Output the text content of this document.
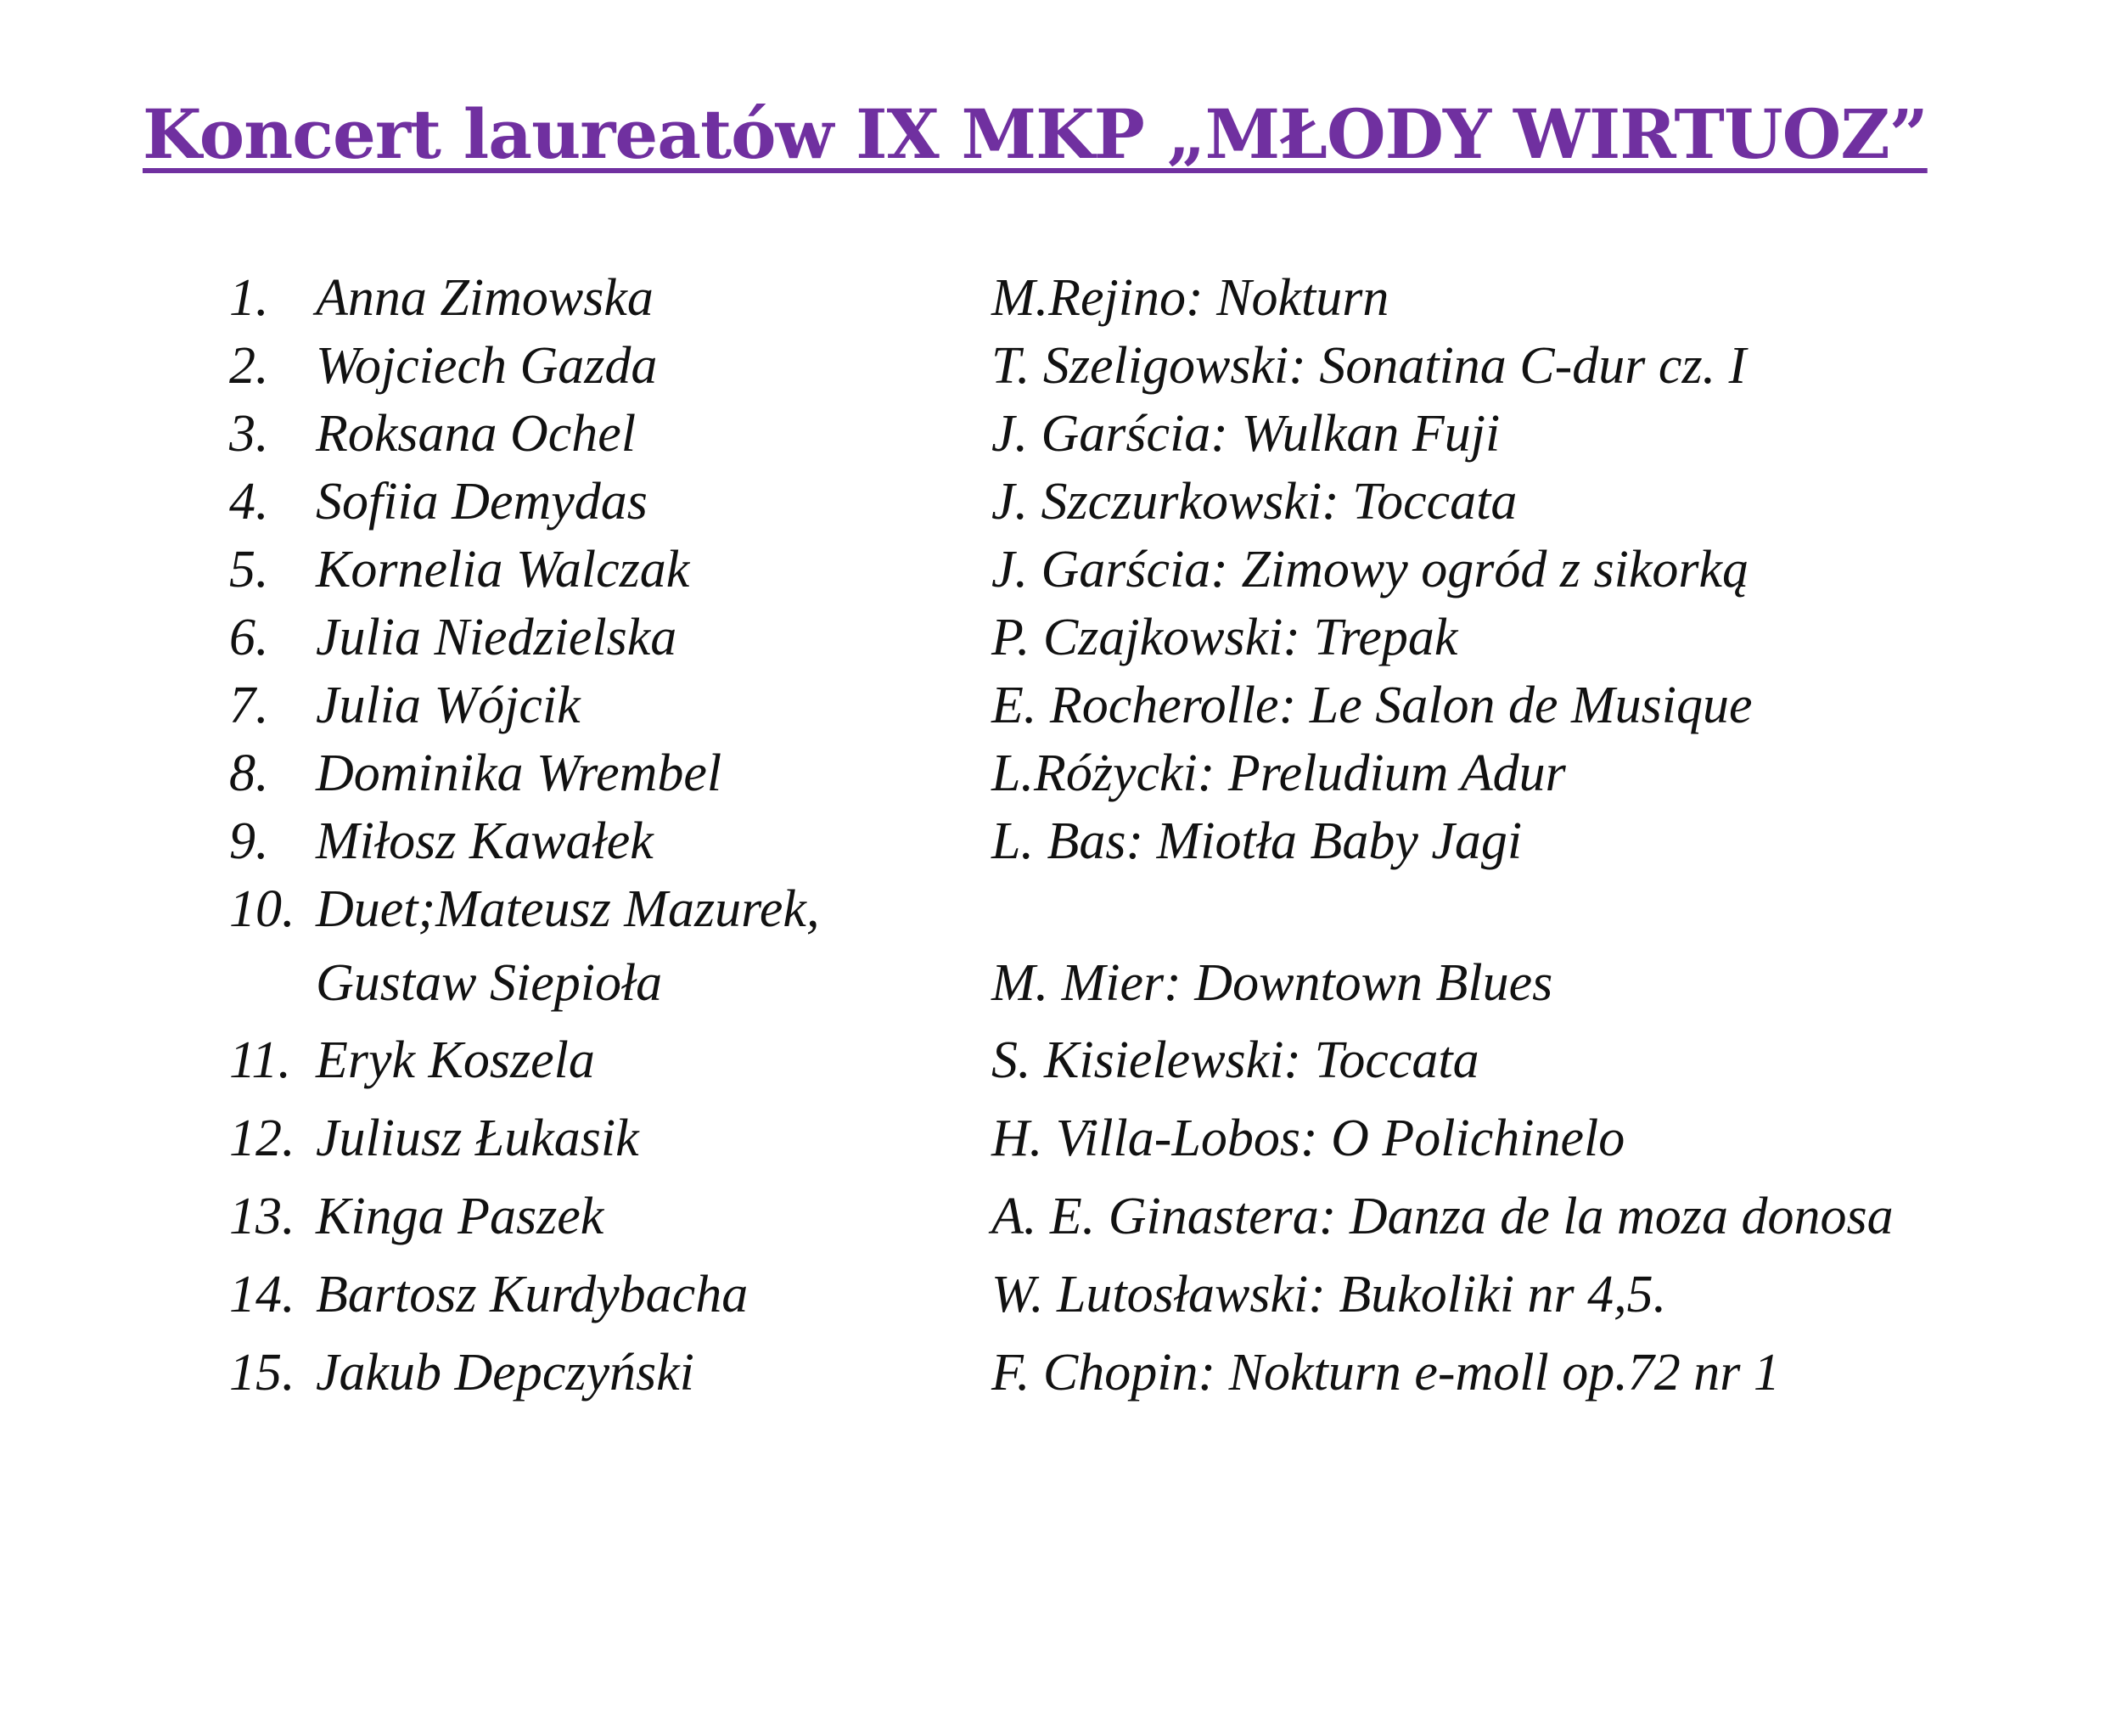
Koncert laureatów IX MKP „MŁODY WIRTUOZ”
1. Anna Zimowska	M.Rejino: Nokturn
2. Wojciech Gazda	T. Szeligowski: Sonatina C-dur cz. I
3. Roksana Ochel	J. Garścia: Wulkan Fuji
4. Sofiia Demydas	J. Szczurkowski: Toccata
5. Kornelia Walczak	J. Garścia: Zimowy ogród z sikorką
6. Julia Niedzielska	P. Czajkowski: Trepak
7. Julia Wójcik	E. Rocherolle: Le Salon de Musique
8. Dominika Wrembel	L.Różycki: Preludium Adur
9. Miłosz Kawałek	L. Bas: Miotła Baby Jagi
10. Duet;Mateusz Mazurek,
Gustaw Siepioła	M. Mier: Downtown Blues
11. Eryk Koszela	S. Kisielewski: Toccata
12. Juliusz Łukasik	H. Villa-Lobos: O Polichinelo
13. Kinga Paszek	A. E. Ginastera: Danza de la moza donosa
14. Bartosz Kurdybacha	W. Lutosławski: Bukoliki nr 4,5.
15. Jakub Depczyński	F. Chopin: Nokturn e-moll op.72 nr 1
